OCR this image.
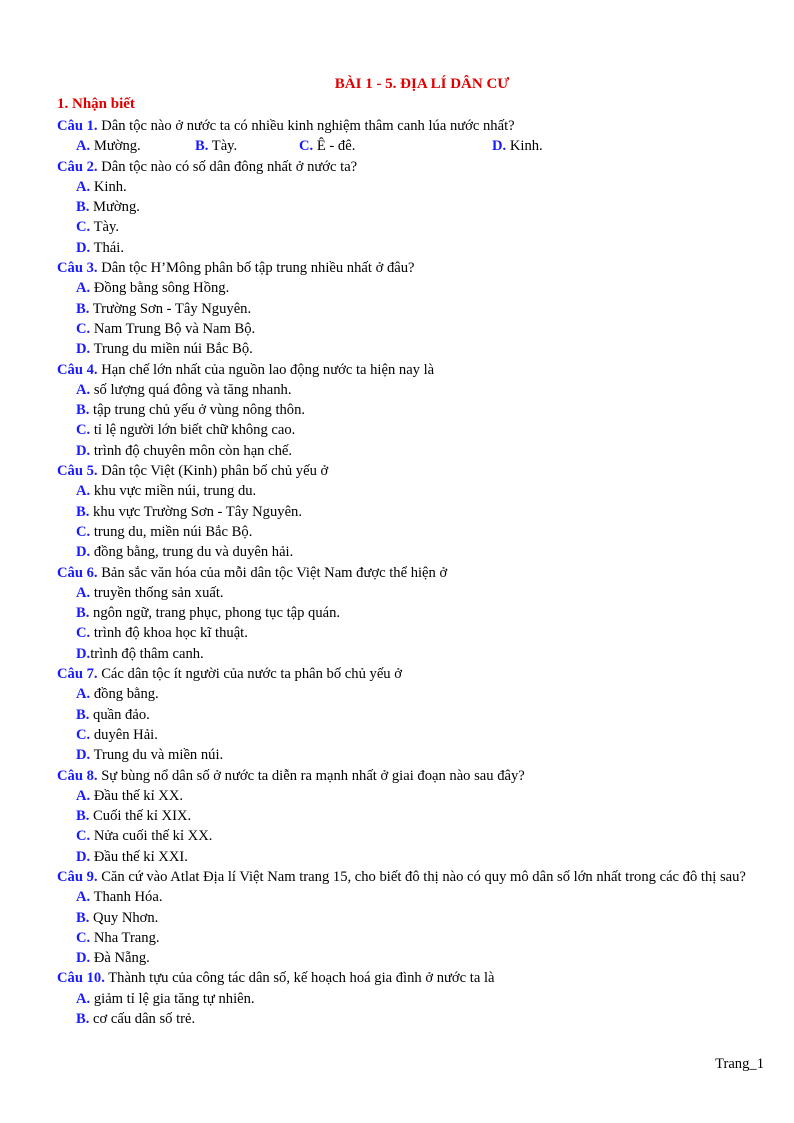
BÀI 1 - 5. ĐỊA LÍ DÂN CƯ
1. Nhận biết

Câu 1. Dân tộc nào ở nước ta có nhiều kinh nghiệm thâm canh lúa nước nhất?

A. Mường.	B. Tày.	C. Ê - đê.	D. Kinh.

Câu 2. Dân tộc nào có số dân đông nhất ở nước ta?

A. Kinh.

B. Mường.

C. Tày.

D. Thái.

Câu 3. Dân tộc H’Mông phân bố tập trung nhiều nhất ở đâu?

A. Đồng bằng sông Hồng.

B. Trường Sơn - Tây Nguyên.

C. Nam Trung Bộ và Nam Bộ.

D. Trung du miền núi Bắc Bộ.

Câu 4. Hạn chế lớn nhất của nguồn lao động nước ta hiện nay là

A. số lượng quá đông và tăng nhanh.

B. tập trung chủ yếu ở vùng nông thôn.

C. tỉ lệ người lớn biết chữ không cao.

D. trình độ chuyên môn còn hạn chế.

Câu 5. Dân tộc Việt (Kinh) phân bố chủ yếu ở

A. khu vực miền núi, trung du.

B. khu vực Trường Sơn - Tây Nguyên.

C. trung du, miền núi Bắc Bộ.

D. đồng bằng, trung du và duyên hải.

Câu 6. Bản sắc văn hóa của mỗi dân tộc Việt Nam được thể hiện ở

A. truyền thống sản xuất.

B. ngôn ngữ, trang phục, phong tục tập quán.

C. trình độ khoa học kĩ thuật.

D.trình độ thâm canh.

Câu 7. Các dân tộc ít người của nước ta phân bố chủ yếu ở

A. đồng bằng.

B. quần đảo.

C. duyên Hải.

D. Trung du và miền núi.

Câu 8. Sự bùng nổ dân số ở nước ta diễn ra mạnh nhất ở giai đoạn nào sau đây?

A. Đầu thế kỉ XX.

B. Cuối thế kỉ XIX.

C. Nửa cuối thế kỉ XX.

D. Đầu thế kỉ XXI.

Câu 9. Căn cứ vào Atlat Địa lí Việt Nam trang 15, cho biết đô thị nào có quy mô dân số lớn nhất trong các đô thị sau?

A. Thanh Hóa.

B. Quy Nhơn.

C. Nha Trang.

D. Đà Nẵng.

Câu 10. Thành tựu của công tác dân số, kế hoạch hoá gia đình ở nước ta là

A. giảm tỉ lệ gia tăng tự nhiên.

B. cơ cấu dân số trẻ.

Trang_1
